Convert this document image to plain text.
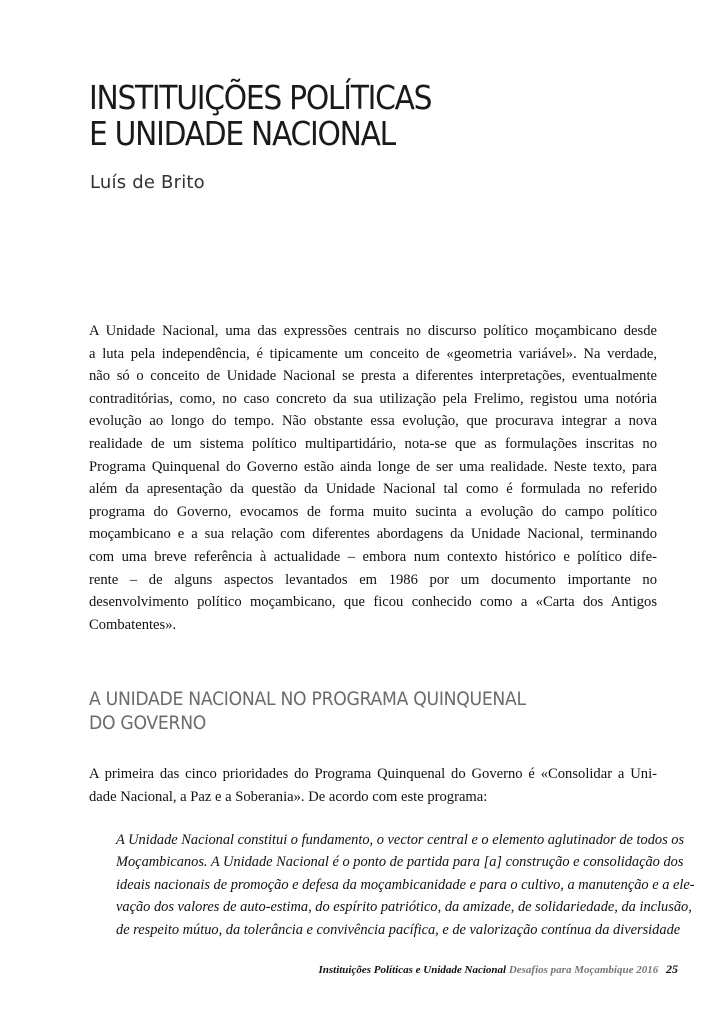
INSTITUIÇÕES POLÍTICAS
E UNIDADE NACIONAL
Luís de Brito

A Unidade Nacional, uma das expressões centrais no discurso político moçambicano desde
a luta pela independência, é tipicamente um conceito de «geometria variável». Na verdade,
não só o conceito de Unidade Nacional se presta a diferentes interpretações, eventualmente
contraditórias, como, no caso concreto da sua utilização pela Frelimo, registou uma notória
evolução ao longo do tempo. Não obstante essa evolução, que procurava integrar a nova
realidade de um sistema político multipartidário, nota-se que as formulações inscritas no
Programa Quinquenal do Governo estão ainda longe de ser uma realidade. Neste texto, para
além da apresentação da questão da Unidade Nacional tal como é formulada no referido
programa do Governo, evocamos de forma muito sucinta a evolução do campo político
moçambicano e a sua relação com diferentes abordagens da Unidade Nacional, terminando
com uma breve referência à actualidade – embora num contexto histórico e político dife-
rente – de alguns aspectos levantados em 1986 por um documento importante no
desenvolvimento político moçambicano, que ficou conhecido como a «Carta dos Antigos
Combatentes».

A UNIDADE NACIONAL NO PROGRAMA QUINQUENAL
DO GOVERNO

A primeira das cinco prioridades do Programa Quinquenal do Governo é «Consolidar a Uni-
dade Nacional, a Paz e a Soberania». De acordo com este programa:

A Unidade Nacional constitui o fundamento, o vector central e o elemento aglutinador de todos os
Moçambicanos. A Unidade Nacional é o ponto de partida para [a] construção e consolidação dos
ideais nacionais de promoção e defesa da moçambicanidade e para o cultivo, a manutenção e a ele-
vação dos valores de auto-estima, do espírito patriótico, da amizade, de solidariedade, da inclusão,
de respeito mútuo, da tolerância e convivência pacífica, e de valorização contínua da diversidade
Instituições Políticas e Unidade Nacional Desafios para Moçambique 2016 25
